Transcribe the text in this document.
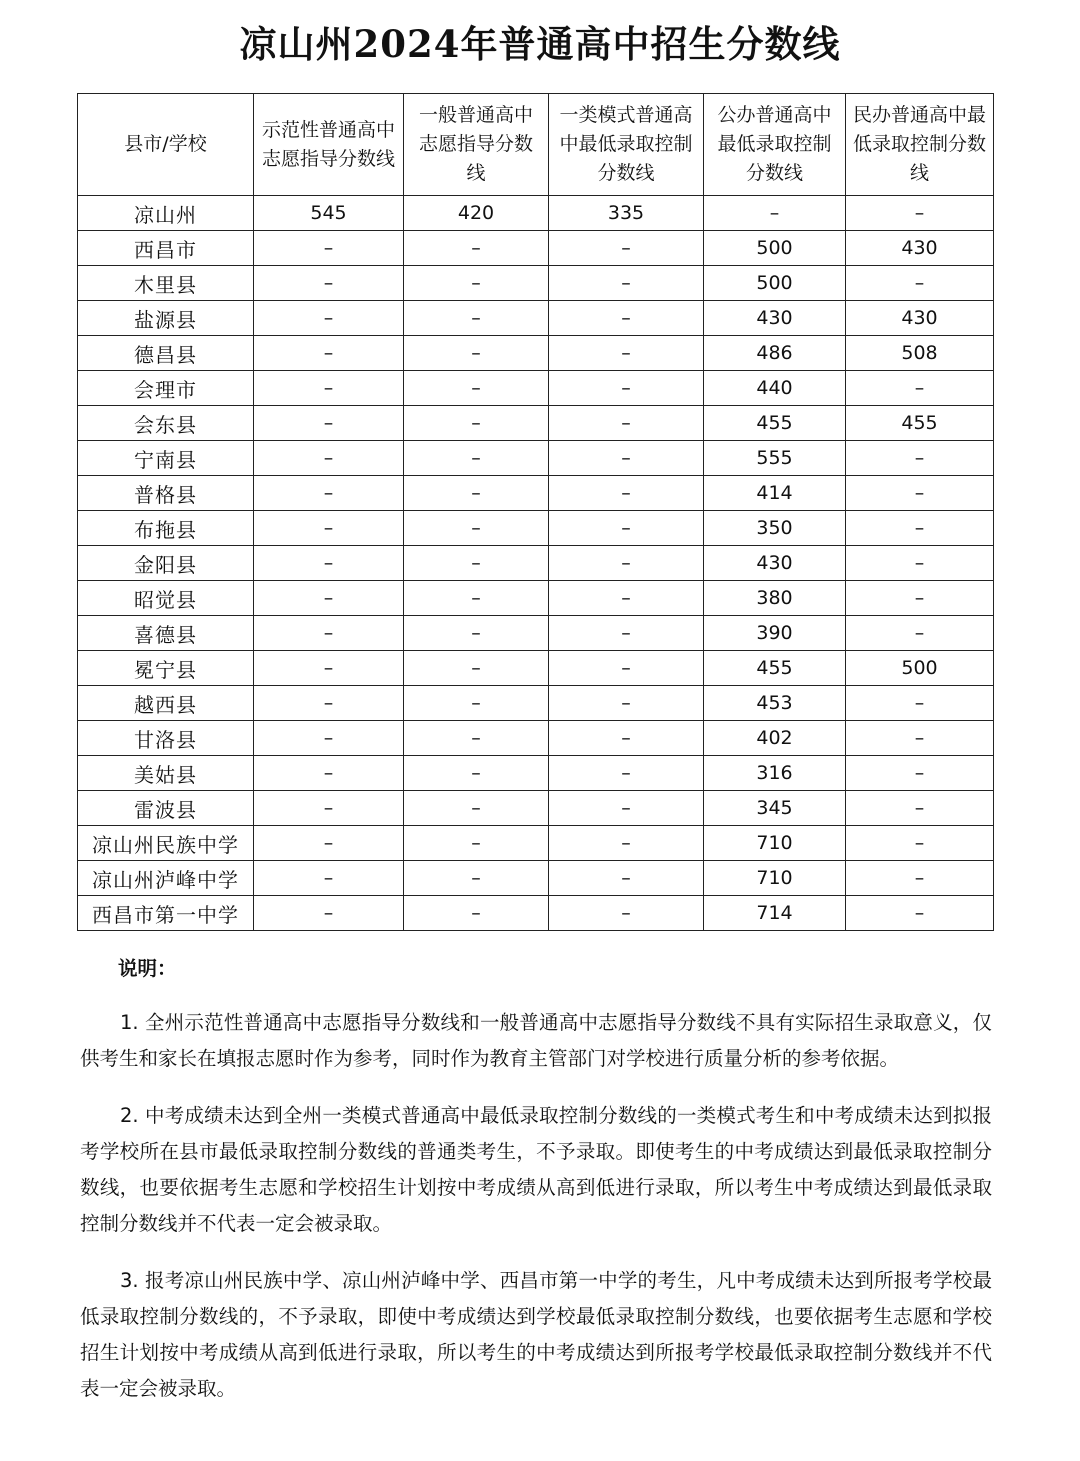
凉山州2024年普通高中招生分数线
县市/学校	示范性普通高中志愿指导分数线	一般普通高中志愿指导分数线	一类模式普通高中最低录取控制分数线	公办普通高中最低录取控制分数线	民办普通高中最低录取控制分数线
凉山州	545	420	335	–	–
西昌市	–	–	–	500	430
木里县	–	–	–	500	–
盐源县	–	–	–	430	430
德昌县	–	–	–	486	508
会理市	–	–	–	440	–
会东县	–	–	–	455	455
宁南县	–	–	–	555	–
普格县	–	–	–	414	–
布拖县	–	–	–	350	–
金阳县	–	–	–	430	–
昭觉县	–	–	–	380	–
喜德县	–	–	–	390	–
冕宁县	–	–	–	455	500
越西县	–	–	–	453	–
甘洛县	–	–	–	402	–
美姑县	–	–	–	316	–
雷波县	–	–	–	345	–
凉山州民族中学	–	–	–	710	–
凉山州泸峰中学	–	–	–	710	–
西昌市第一中学	–	–	–	714	–
说明：

1. 全州示范性普通高中志愿指导分数线和一般普通高中志愿指导分数线不具有实际招生录取意义，仅供考生和家长在填报志愿时作为参考，同时作为教育主管部门对学校进行质量分析的参考依据。

2. 中考成绩未达到全州一类模式普通高中最低录取控制分数线的一类模式考生和中考成绩未达到拟报考学校所在县市最低录取控制分数线的普通类考生，不予录取。即使考生的中考成绩达到最低录取控制分数线，也要依据考生志愿和学校招生计划按中考成绩从高到低进行录取，所以考生中考成绩达到最低录取控制分数线并不代表一定会被录取。

3. 报考凉山州民族中学、凉山州泸峰中学、西昌市第一中学的考生，凡中考成绩未达到所报考学校最低录取控制分数线的，不予录取，即使中考成绩达到学校最低录取控制分数线，也要依据考生志愿和学校招生计划按中考成绩从高到低进行录取，所以考生的中考成绩达到所报考学校最低录取控制分数线并不代表一定会被录取。
